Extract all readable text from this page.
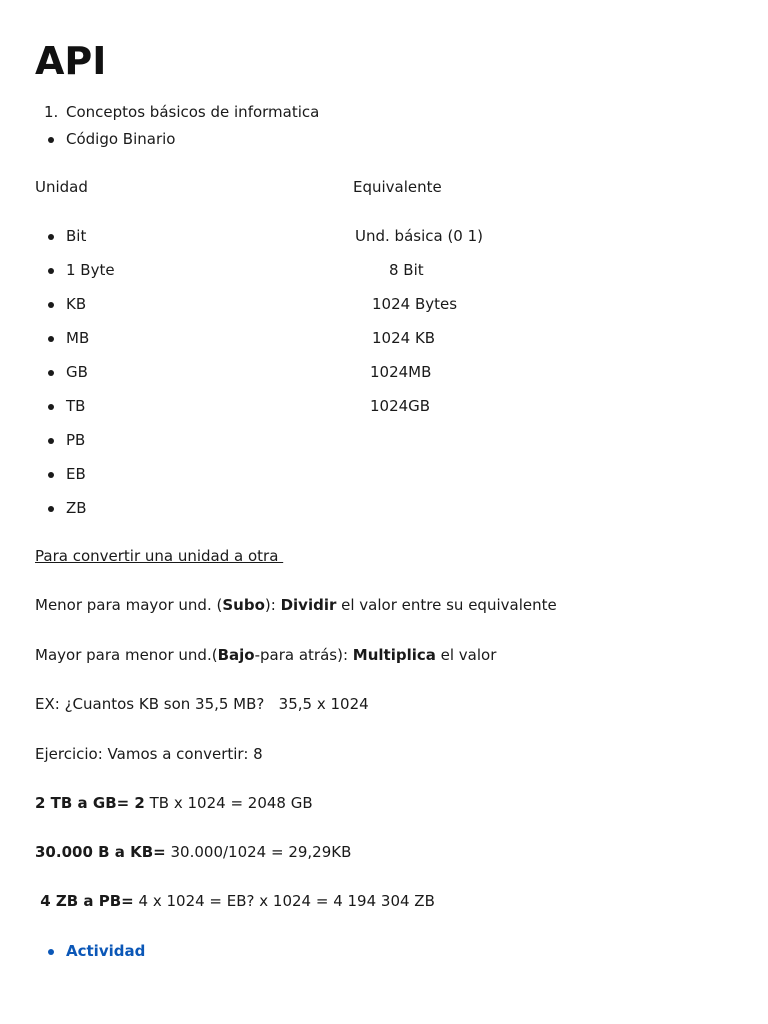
API
1. Conceptos básicos de informatica
Código Binario
Unidad	Equivalente
Bit	Und. básica (0 1)
1 Byte	8 Bit
KB	1024 Bytes
MB	1024 KB
GB	1024MB
TB	1024GB
PB
EB
ZB
Para convertir una unidad a otra
Menor para mayor und. (Subo): Dividir el valor entre su equivalente
Mayor para menor und.(Bajo-para atrás): Multiplica el valor
EX: ¿Cuantos KB son 35,5 MB?   35,5 x 1024
Ejercicio: Vamos a convertir: 8
2 TB a GB= 2 TB x 1024 = 2048 GB
30.000 B a KB= 30.000/1024 = 29,29KB
4 ZB a PB= 4 x 1024 = EB? x 1024 = 4 194 304 ZB
Actividad
